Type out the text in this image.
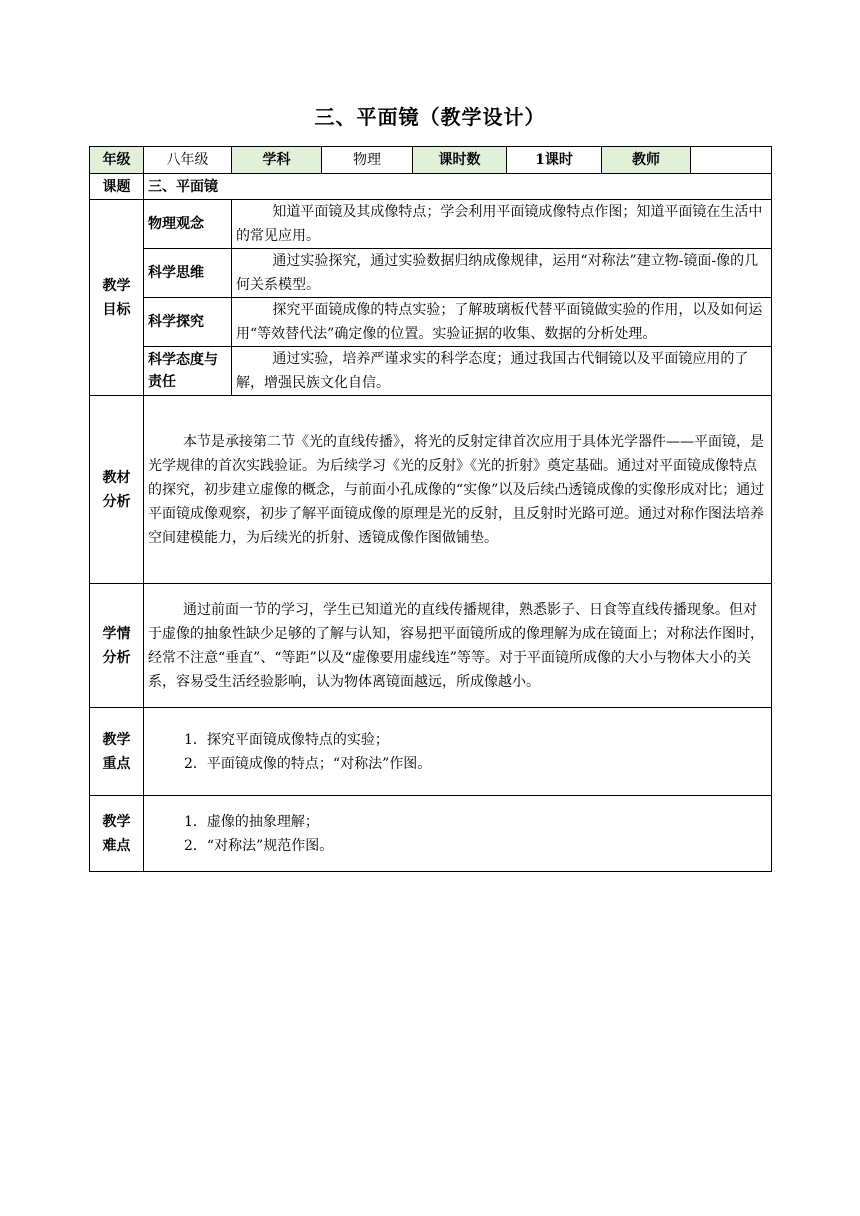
三、平面镜（教学设计）
年级	八年级	学科	物理	课时数	1课时	教师	
课题	三、平面镜						

教学目标	物理观念	知道平面镜及其成像特点；学会利用平面镜成像特点作图；知道平面镜在生活中的常见应用。					
	科学思维	通过实验探究，通过实验数据归纳成像规律，运用“对称法”建立物-镜面-像的几何关系模型。					
	科学探究	探究平面镜成像的特点实验；了解玻璃板代替平面镜做实验的作用，以及如何运用“等效替代法”确定像的位置。实验证据的收集、数据的分析处理。					

	科学态度与责任	通过实验，培养严谨求实的科学态度；通过我国古代铜镜以及平面镜应用的了解，增强民族文化自信。					

教材分析	本节是承接第二节《光的直线传播》，将光的反射定律首次应用于具体光学器件——平面镜，是光学规律的首次实践验证。为后续学习《光的反射》《光的折射》奠定基础。通过对平面镜成像特点的探究，初步建立虚像的概念，与前面小孔成像的“实像”以及后续凸透镜成像的实像形成对比；通过平面镜成像观察，初步了解平面镜成像的原理是光的反射，且反射时光路可逆。通过对称作图法培养空间建模能力，为后续光的折射、透镜成像作图做铺垫。						

学情分析	通过前面一节的学习，学生已知道光的直线传播规律，熟悉影子、日食等直线传播现象。但对于虚像的抽象性缺少足够的了解与认知，容易把平面镜所成的像理解为成在镜面上；对称法作图时，经常不注意“垂直”、“等距”以及“虚像要用虚线连”等等。对于平面镜所成像的大小与物体大小的关系，容易受生活经验影响，认为物体离镜面越远，所成像越小。						

教学重点	1．探究平面镜成像特点的实验；
2．平面镜成像的特点；“对称法”作图。						

教学难点	1．虚像的抽象理解；
2．“对称法”规范作图。						
